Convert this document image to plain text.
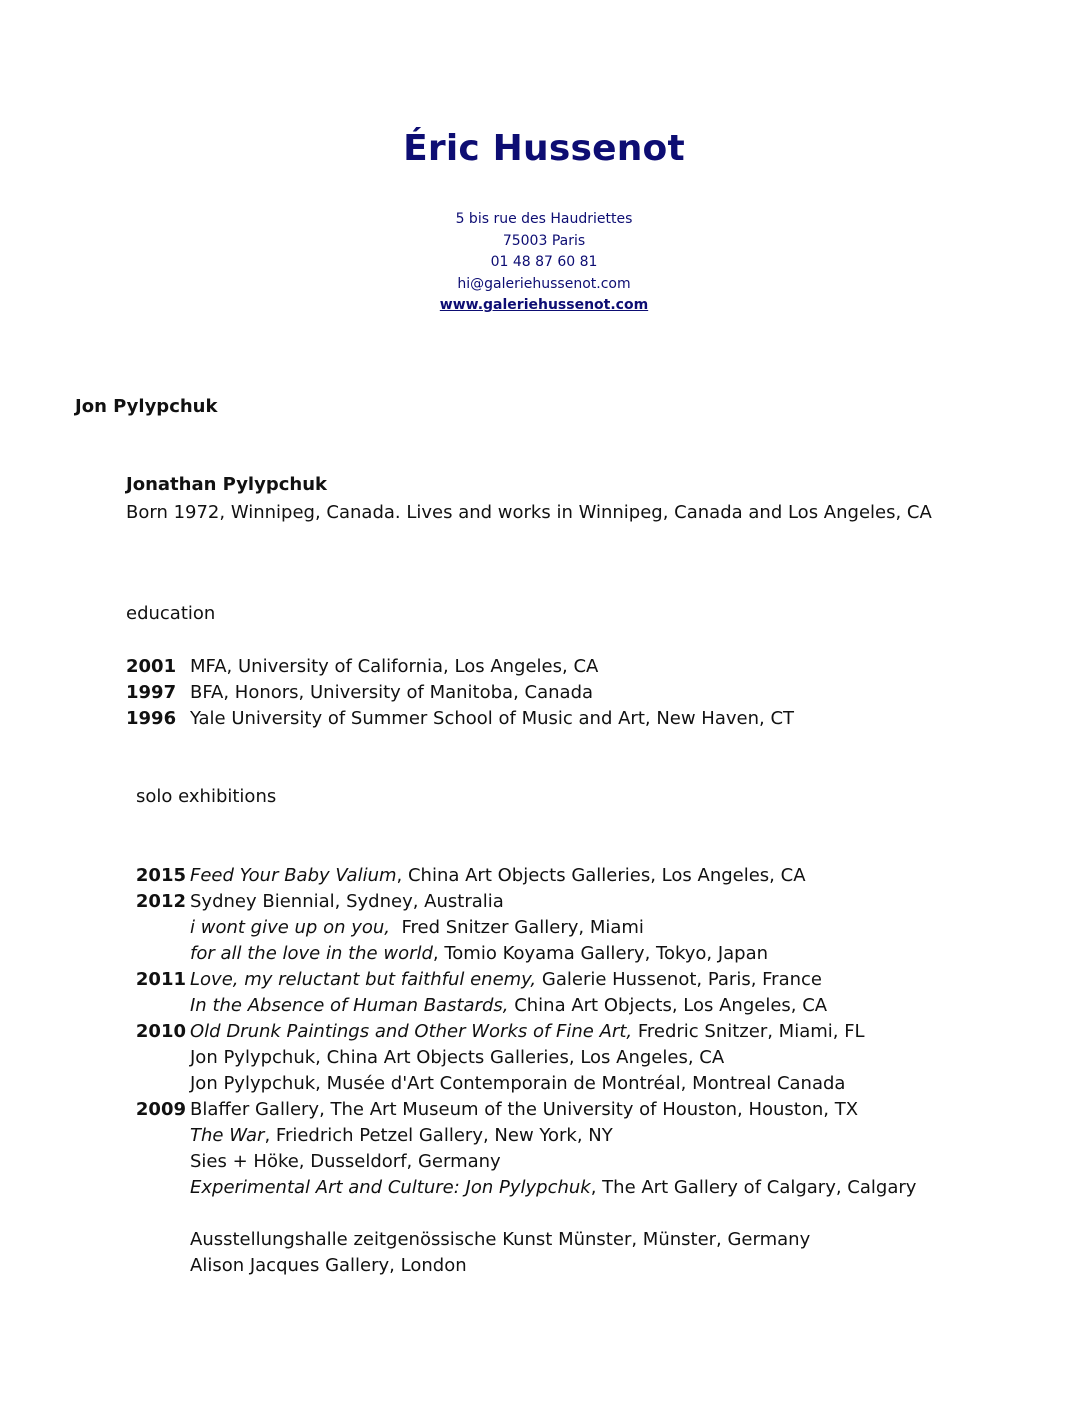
Éric Hussenot
5 bis rue des Haudriettes
75003 Paris
01 48 87 60 81
hi@galeriehussenot.com
www.galeriehussenot.com
Jon Pylypchuk
Jonathan Pylypchuk
Born 1972, Winnipeg, Canada. Lives and works in Winnipeg, Canada and Los Angeles, CA
education
2001 MFA, University of California, Los Angeles, CA
1997 BFA, Honors, University of Manitoba, Canada
1996 Yale University of Summer School of Music and Art, New Haven, CT
solo exhibitions
2015 Feed Your Baby Valium, China Art Objects Galleries, Los Angeles, CA
2012 Sydney Biennial, Sydney, Australia
i wont give up on you,  Fred Snitzer Gallery, Miami
for all the love in the world, Tomio Koyama Gallery, Tokyo, Japan
2011 Love, my reluctant but faithful enemy, Galerie Hussenot, Paris, France
In the Absence of Human Bastards, China Art Objects, Los Angeles, CA
2010 Old Drunk Paintings and Other Works of Fine Art, Fredric Snitzer, Miami, FL
Jon Pylypchuk, China Art Objects Galleries, Los Angeles, CA
Jon Pylypchuk, Musée d'Art Contemporain de Montréal, Montreal Canada
2009 Blaffer Gallery, The Art Museum of the University of Houston, Houston, TX
The War, Friedrich Petzel Gallery, New York, NY
Sies + Höke, Dusseldorf, Germany
Experimental Art and Culture: Jon Pylypchuk, The Art Gallery of Calgary, Calgary
Ausstellungshalle zeitgenössische Kunst Münster, Münster, Germany
Alison Jacques Gallery, London
